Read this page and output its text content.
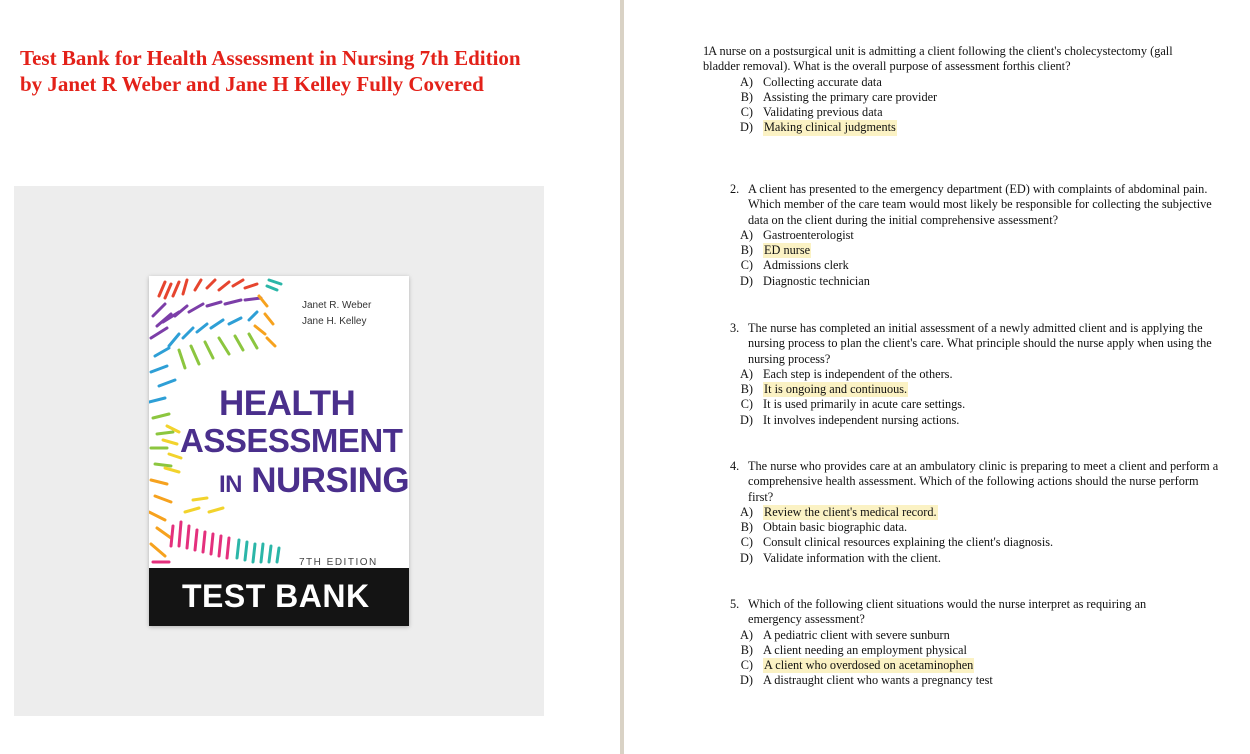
Test Bank for Health Assessment in Nursing 7th Edition by Janet R Weber and Jane H Kelley Fully Covered
Janet R. Weber
Jane H. Kelley
HEALTH
ASSESSMENT
IN NURSING
7TH EDITION
TEST BANK
1 A nurse on a postsurgical unit is admitting a client following the client's cholecystectomy (gall bladder removal). What is the overall purpose of assessment forthis client?
A) Collecting accurate data
B) Assisting the primary care provider
C) Validating previous data
D) Making clinical judgments
2. A client has presented to the emergency department (ED) with complaints of abdominal pain. Which member of the care team would most likely be responsible for collecting the subjective data on the client during the initial comprehensive assessment?
A) Gastroenterologist
B) ED nurse
C) Admissions clerk
D) Diagnostic technician
3. The nurse has completed an initial assessment of a newly admitted client and is applying the nursing process to plan the client's care. What principle should the nurse apply when using the nursing process?
A) Each step is independent of the others.
B) It is ongoing and continuous.
C) It is used primarily in acute care settings.
D) It involves independent nursing actions.
4. The nurse who provides care at an ambulatory clinic is preparing to meet a client and perform a comprehensive health assessment. Which of the following actions should the nurse perform first?
A) Review the client's medical record.
B) Obtain basic biographic data.
C) Consult clinical resources explaining the client's diagnosis.
D) Validate information with the client.
5. Which of the following client situations would the nurse interpret as requiring an emergency assessment?
A) A pediatric client with severe sunburn
B) A client needing an employment physical
C) A client who overdosed on acetaminophen
D) A distraught client who wants a pregnancy test
